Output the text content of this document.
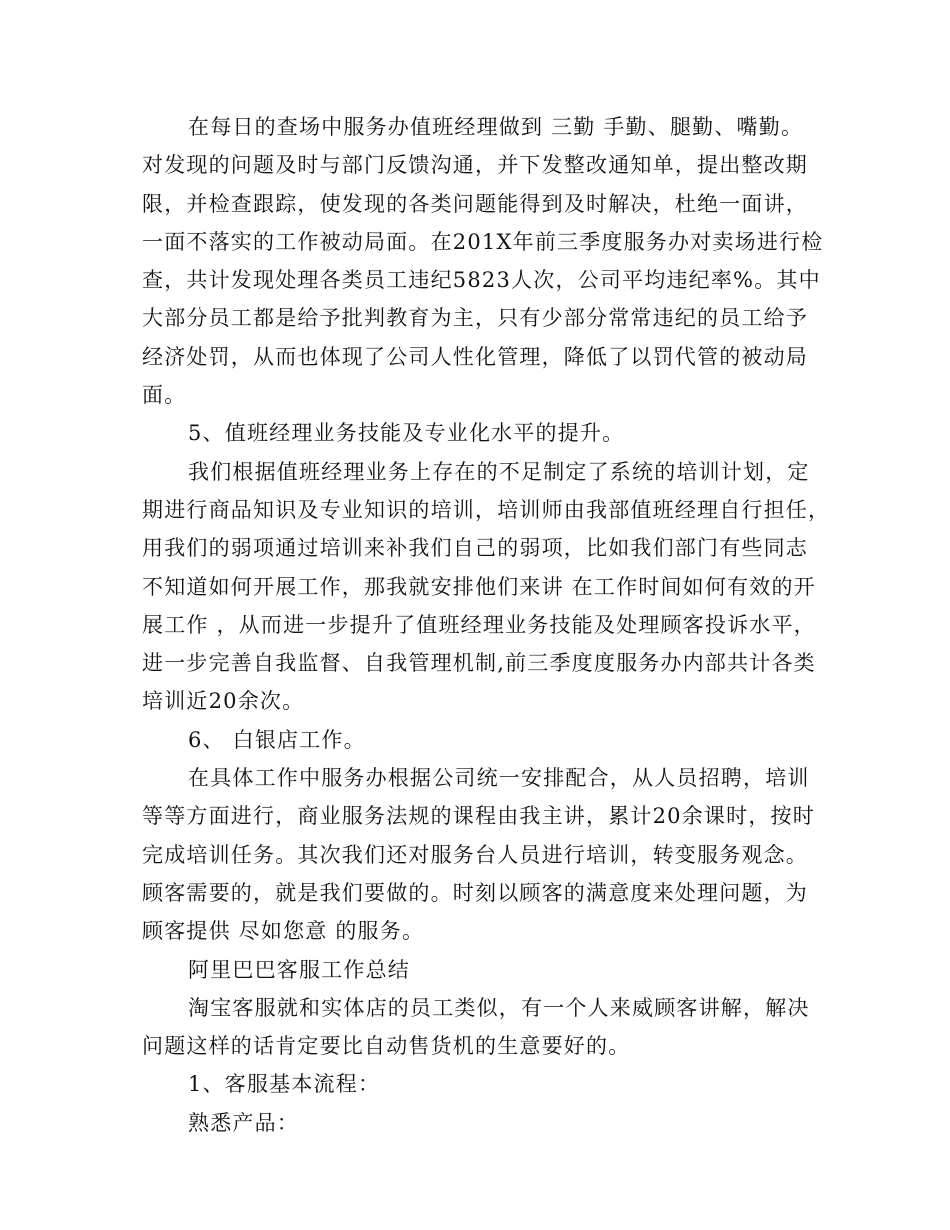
在每日的查场中服务办值班经理做到 三勤 手勤、腿勤、嘴勤。
对发现的问题及时与部门反馈沟通，并下发整改通知单，提出整改期
限，并检查跟踪，使发现的各类问题能得到及时解决，杜绝一面讲，
一面不落实的工作被动局面。在201X年前三季度服务办对卖场进行检
查，共计发现处理各类员工违纪5823人次，公司平均违纪率%。其中
大部分员工都是给予批判教育为主，只有少部分常常违纪的员工给予
经济处罚，从而也体现了公司人性化管理，降低了以罚代管的被动局
面。
5、值班经理业务技能及专业化水平的提升。
我们根据值班经理业务上存在的不足制定了系统的培训计划，定
期进行商品知识及专业知识的培训，培训师由我部值班经理自行担任，
用我们的弱项通过培训来补我们自己的弱项，比如我们部门有些同志
不知道如何开展工作，那我就安排他们来讲 在工作时间如何有效的开
展工作 ，从而进一步提升了值班经理业务技能及处理顾客投诉水平，
进一步完善自我监督、自我管理机制,前三季度度服务办内部共计各类
培训近20余次。
6、 白银店工作。
在具体工作中服务办根据公司统一安排配合，从人员招聘，培训
等等方面进行，商业服务法规的课程由我主讲，累计20余课时，按时
完成培训任务。其次我们还对服务台人员进行培训，转变服务观念。
顾客需要的，就是我们要做的。时刻以顾客的满意度来处理问题，为
顾客提供 尽如您意 的服务。
阿里巴巴客服工作总结
淘宝客服就和实体店的员工类似，有一个人来威顾客讲解，解决
问题这样的话肯定要比自动售货机的生意要好的。
1、客服基本流程：
熟悉产品：
